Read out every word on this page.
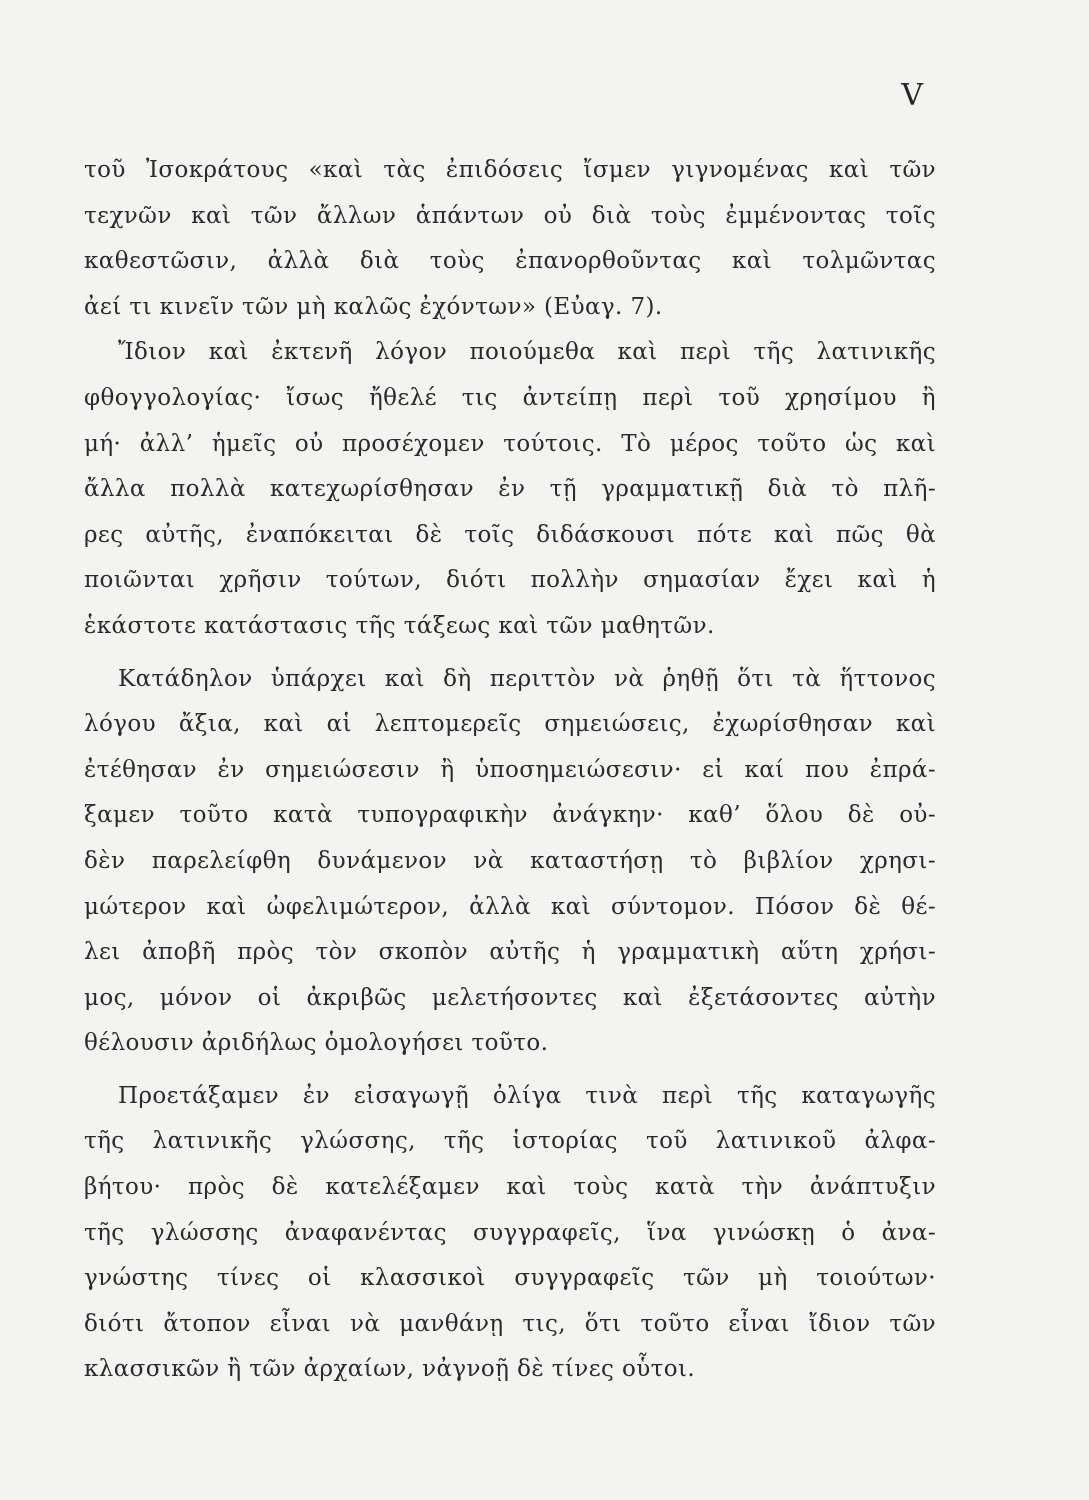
V
τοῦ Ἰσοκράτους «καὶ τὰς ἐπιδόσεις ἴσμεν γιγνομένας καὶ τῶν
τεχνῶν καὶ τῶν ἄλλων ἁπάντων οὐ διὰ τοὺς ἐμμένοντας τοῖς
καθεστῶσιν, ἀλλὰ διὰ τοὺς ἐπανορθοῦντας καὶ τολμῶντας
ἀεί τι κινεῖν τῶν μὴ καλῶς ἐχόντων» (Εὐαγ. 7).
Ἴδιον καὶ ἐκτενῆ λόγον ποιούμεθα καὶ περὶ τῆς λατινικῆς
φθογγολογίας· ἴσως ἤθελέ τις ἀντείπῃ περὶ τοῦ χρησίμου ἢ
μή· ἀλλ’ ἡμεῖς οὐ προσέχομεν τούτοις. Τὸ μέρος τοῦτο ὡς καὶ
ἄλλα πολλὰ κατεχωρίσθησαν ἐν τῇ γραμματικῇ διὰ τὸ πλῆ-
ρες αὐτῆς, ἐναπόκειται δὲ τοῖς διδάσκουσι πότε καὶ πῶς θὰ
ποιῶνται χρῆσιν τούτων, διότι πολλὴν σημασίαν ἔχει καὶ ἡ
ἑκάστοτε κατάστασις τῆς τάξεως καὶ τῶν μαθητῶν.
Κατάδηλον ὑπάρχει καὶ δὴ περιττὸν νὰ ῥηθῇ ὅτι τὰ ἥττονος
λόγου ἄξια, καὶ αἱ λεπτομερεῖς σημειώσεις, ἐχωρίσθησαν καὶ
ἐτέθησαν ἐν σημειώσεσιν ἢ ὑποσημειώσεσιν· εἰ καί που ἐπρά-
ξαμεν τοῦτο κατὰ τυπογραφικὴν ἀνάγκην· καθ’ ὅλου δὲ οὐ-
δὲν παρελείφθη δυνάμενον νὰ καταστήσῃ τὸ βιβλίον χρησι-
μώτερον καὶ ὠφελιμώτερον, ἀλλὰ καὶ σύντομον. Πόσον δὲ θέ-
λει ἀποβῆ πρὸς τὸν σκοπὸν αὐτῆς ἡ γραμματικὴ αὕτη χρήσι-
μος, μόνον οἱ ἀκριβῶς μελετήσοντες καὶ ἐξετάσοντες αὐτὴν
θέλουσιν ἀριδήλως ὁμολογήσει τοῦτο.
Προετάξαμεν ἐν εἰσαγωγῇ ὀλίγα τινὰ περὶ τῆς καταγωγῆς
τῆς λατινικῆς γλώσσης, τῆς ἱστορίας τοῦ λατινικοῦ ἀλφα-
βήτου· πρὸς δὲ κατελέξαμεν καὶ τοὺς κατὰ τὴν ἀνάπτυξιν
τῆς γλώσσης ἀναφανέντας συγγραφεῖς, ἵνα γινώσκῃ ὁ ἀνα-
γνώστης τίνες οἱ κλασσικοὶ συγγραφεῖς τῶν μὴ τοιούτων·
διότι ἄτοπον εἶναι νὰ μανθάνῃ τις, ὅτι τοῦτο εἶναι ἴδιον τῶν
κλασσικῶν ἢ τῶν ἀρχαίων, νἀγνοῇ δὲ τίνες οὗτοι.
